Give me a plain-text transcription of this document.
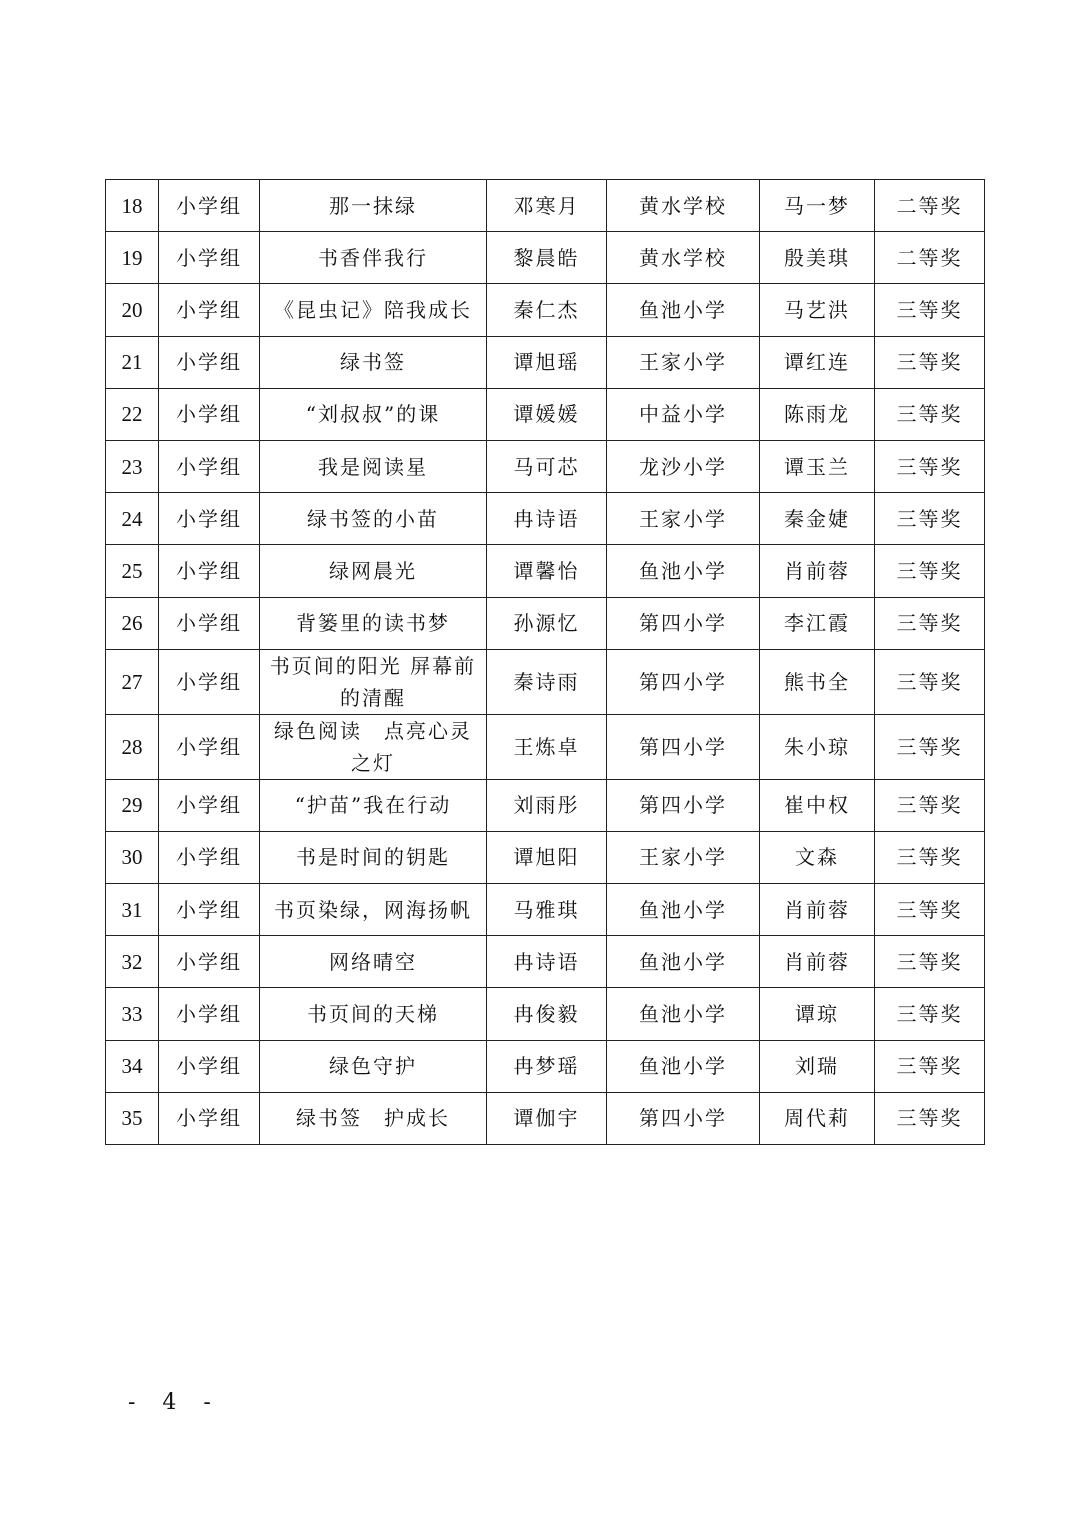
18	小学组	那一抹绿	邓寒月	黄水学校	马一梦	二等奖
19	小学组	书香伴我行	黎晨皓	黄水学校	殷美琪	二等奖
20	小学组	《昆虫记》陪我成长	秦仁杰	鱼池小学	马艺洪	三等奖
21	小学组	绿书签	谭旭瑶	王家小学	谭红连	三等奖
22	小学组	“刘叔叔”的课	谭媛媛	中益小学	陈雨龙	三等奖
23	小学组	我是阅读星	马可芯	龙沙小学	谭玉兰	三等奖
24	小学组	绿书签的小苗	冉诗语	王家小学	秦金婕	三等奖
25	小学组	绿网晨光	谭馨怡	鱼池小学	肖前蓉	三等奖
26	小学组	背篓里的读书梦	孙源忆	第四小学	李江霞	三等奖
27	小学组	书页间的阳光 屏幕前的清醒	秦诗雨	第四小学	熊书全	三等奖
28	小学组	绿色阅读　点亮心灵之灯	王炼卓	第四小学	朱小琼	三等奖
29	小学组	“护苗”我在行动	刘雨彤	第四小学	崔中权	三等奖
30	小学组	书是时间的钥匙	谭旭阳	王家小学	文森	三等奖
31	小学组	书页染绿，网海扬帆	马雅琪	鱼池小学	肖前蓉	三等奖
32	小学组	网络晴空	冉诗语	鱼池小学	肖前蓉	三等奖
33	小学组	书页间的天梯	冉俊毅	鱼池小学	谭琼	三等奖
34	小学组	绿色守护	冉梦瑶	鱼池小学	刘瑞	三等奖
35	小学组	绿书签　护成长	谭伽宇	第四小学	周代莉	三等奖
- 4 -
